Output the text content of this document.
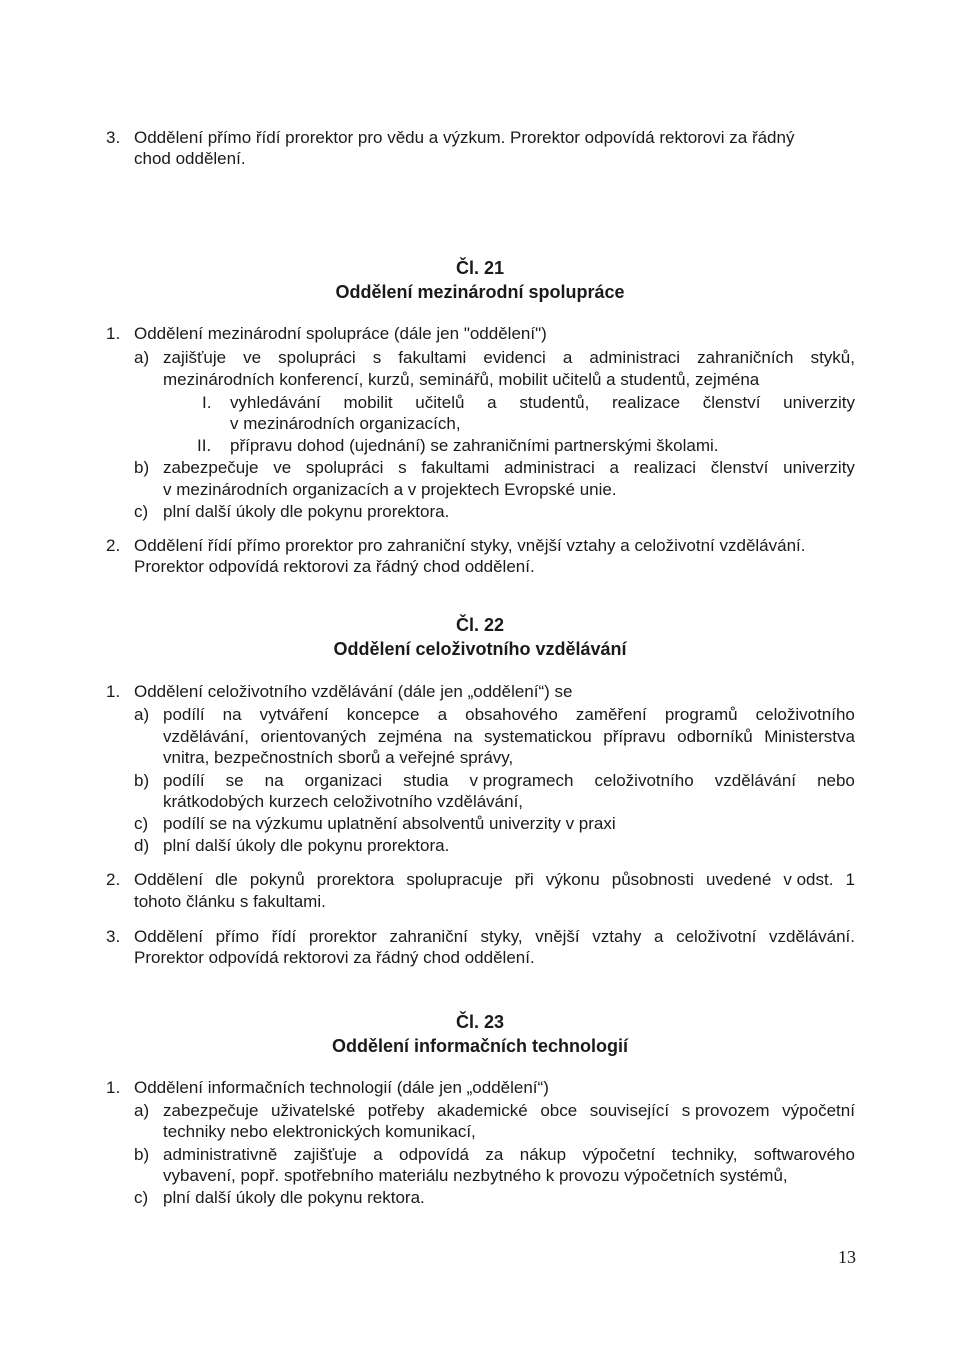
3. Oddělení přímo řídí prorektor pro vědu a výzkum. Prorektor odpovídá rektorovi za řádný
chod oddělení.
Čl. 21
Oddělení mezinárodní spolupráce
1. Oddělení mezinárodní spolupráce (dále jen "oddělení")
a) zajišťuje ve spolupráci s fakultami evidenci a administraci zahraničních styků,
mezinárodních konferencí, kurzů, seminářů, mobilit učitelů a studentů, zejména
I. vyhledávání mobilit učitelů a studentů, realizace členství univerzity
v mezinárodních organizacích,
II. přípravu dohod (ujednání) se zahraničními partnerskými školami.
b) zabezpečuje ve spolupráci s fakultami administraci a realizaci členství univerzity
v mezinárodních organizacích a v projektech Evropské unie.
c) plní další úkoly dle pokynu prorektora.
2. Oddělení řídí přímo prorektor pro zahraniční styky, vnější vztahy a celoživotní vzdělávání.
Prorektor odpovídá rektorovi za řádný chod oddělení.
Čl. 22
Oddělení celoživotního vzdělávání
1. Oddělení celoživotního vzdělávání (dále jen „oddělení“) se
a) podílí na vytváření koncepce a obsahového zaměření programů celoživotního
vzdělávání, orientovaných zejména na systematickou přípravu odborníků Ministerstva
vnitra, bezpečnostních sborů a veřejné správy,
b) podílí se na organizaci studia v programech celoživotního vzdělávání nebo
krátkodobých kurzech celoživotního vzdělávání,
c) podílí se na výzkumu uplatnění absolventů univerzity v praxi
d) plní další úkoly dle pokynu prorektora.
2. Oddělení dle pokynů prorektora spolupracuje při výkonu působnosti uvedené v odst. 1
tohoto článku s fakultami.
3. Oddělení přímo řídí prorektor zahraniční styky, vnější vztahy a celoživotní vzdělávání.
Prorektor odpovídá rektorovi za řádný chod oddělení.
Čl. 23
Oddělení informačních technologií
1. Oddělení informačních technologií (dále jen „oddělení“)
a) zabezpečuje uživatelské potřeby akademické obce související s provozem výpočetní
techniky nebo elektronických komunikací,
b) administrativně zajišťuje a odpovídá za nákup výpočetní techniky, softwarového
vybavení, popř. spotřebního materiálu nezbytného k provozu výpočetních systémů,
c) plní další úkoly dle pokynu rektora.
13
